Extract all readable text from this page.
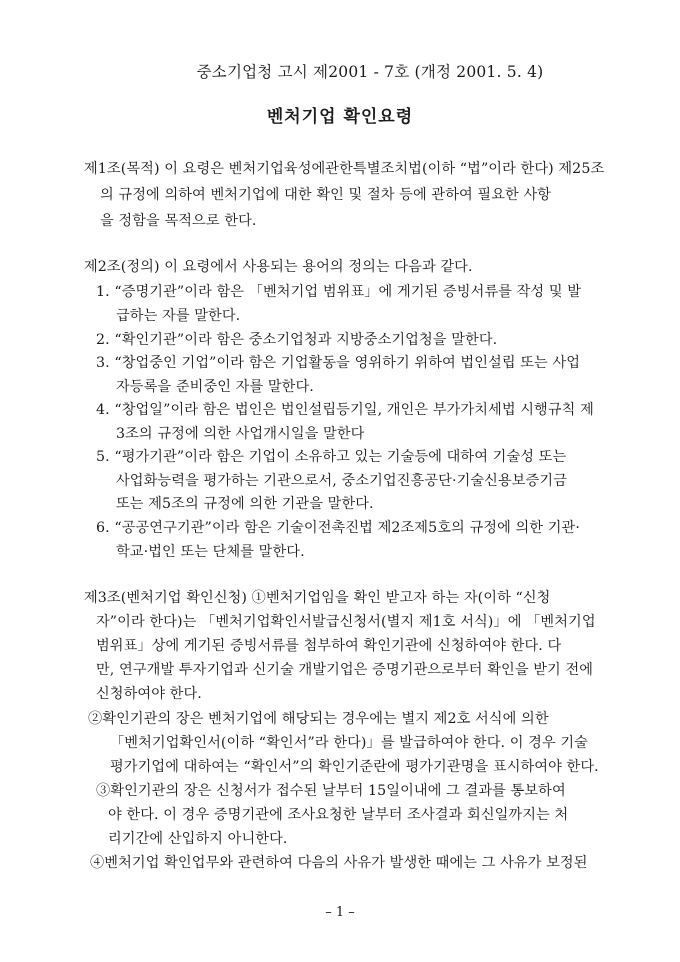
중소기업청 고시 제2001 - 7호 (개정 2001. 5. 4)
벤처기업 확인요령
제1조(목적) 이 요령은 벤처기업육성에관한특별조치법(이하 “법”이라 한다) 제25조
의 규정에 의하여 벤처기업에 대한 확인 및 절차 등에 관하여 필요한 사항
을 정함을 목적으로 한다.
제2조(정의) 이 요령에서 사용되는 용어의 정의는 다음과 같다.
1. “증명기관”이라 함은 「벤처기업 범위표」에 게기된 증빙서류를 작성 및 발
급하는 자를 말한다.
2. “확인기관”이라 함은 중소기업청과 지방중소기업청을 말한다.
3. “창업중인 기업”이라 함은 기업활동을 영위하기 위하여 법인설립 또는 사업
자등록을 준비중인 자를 말한다.
4. “창업일”이라 함은 법인은 법인설립등기일, 개인은 부가가치세법 시행규칙 제
3조의 규정에 의한 사업개시일을 말한다
5. “평가기관”이라 함은 기업이 소유하고 있는 기술등에 대하여 기술성 또는
사업화능력을 평가하는 기관으로서, 중소기업진흥공단·기술신용보증기금
또는 제5조의 규정에 의한 기관을 말한다.
6. “공공연구기관”이라 함은 기술이전촉진법 제2조제5호의 규정에 의한 기관·
학교·법인 또는 단체를 말한다.
제3조(벤처기업 확인신청) ①벤처기업임을 확인 받고자 하는 자(이하 “신청
자”이라 한다)는 「벤처기업확인서발급신청서(별지 제1호 서식)」에 「벤처기업
범위표」상에 게기된 증빙서류를 첨부하여 확인기관에 신청하여야 한다. 다
만, 연구개발 투자기업과 신기술 개발기업은 증명기관으로부터 확인을 받기 전에
신청하여야 한다.
②확인기관의 장은 벤처기업에 해당되는 경우에는 별지 제2호 서식에 의한
「벤처기업확인서(이하 “확인서”라 한다)」를 발급하여야 한다. 이 경우 기술
평가기업에 대하여는 “확인서”의 확인기준란에 평가기관명을 표시하여야 한다.
③확인기관의 장은 신청서가 접수된 날부터 15일이내에 그 결과를 통보하여
야 한다. 이 경우 증명기관에 조사요청한 날부터 조사결과 회신일까지는 처
리기간에 산입하지 아니한다.
④벤처기업 확인업무와 관련하여 다음의 사유가 발생한 때에는 그 사유가 보정된
– 1 –
